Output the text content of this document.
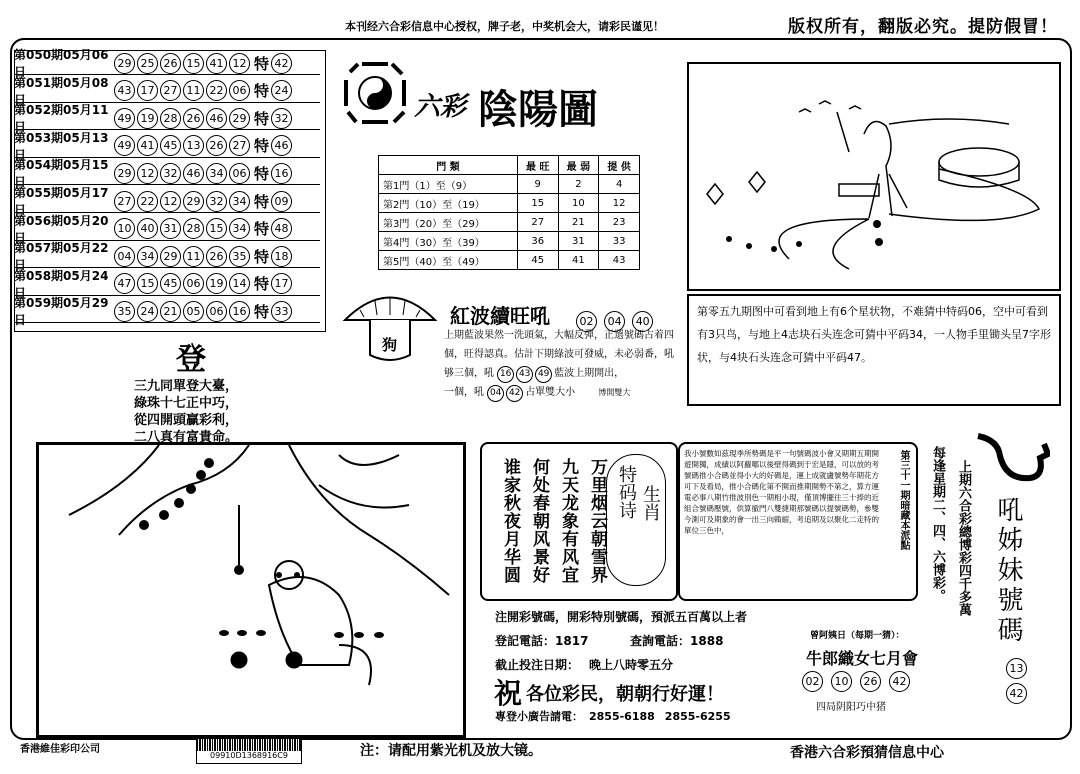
本刊经六合彩信息中心授权，牌子老，中奖机会大，请彩民谨见！	版权所有，翻版必究。提防假冒！
第050期05月06日
29 25 26 15 41 12 特 42
第051期05月08日
43 17 27 11 22 06 特 24
第052期05月11日
49 19 28 26 46 29 特 32
第053期05月13日
49 41 45 13 26 27 特 46
第054期05月15日
29 12 32 46 34 06 特 16
第055期05月17日
27 22 12 29 32 34 特 09
第056期05月20日
10 40 31 28 15 34 特 48
第057期05月22日
04 34 29 11 26 35 特 18
第058期05月24日
47 15 45 06 19 14 特 17
第059期05月29日
35 24 21 05 06 16 特 33
六彩 陰陽圖
門 類	最 旺	最 弱	提 供
第1門（1）至（9）	9	2	4
第2門（10）至（19）	15	10	12
第3門（20）至（29）	27	21	23
第4門（30）至（39）	36	31	33
第5門（40）至（49）	45	41	43
第零五九期图中可看到地上有6个星状物，不难猜中特码06，空中可看到有3只鸟，与地上4志块石头连念可猜中平码34，一人物手里锄头呈7字形状，与4块石头连念可猜中平码47。
狗
紅波續旺吼	02 04 40
上期藍波果然一洗頭氣，大幅反彈，正選號碼占着四個，旺得認真。估計下期綠波可發威，未必弱番，吼够三個，吼 16 43 49 藍波上期開出，
一個，吼 04 42 占單雙大小	博開雙大
登
三九同單登大臺，
綠珠十七正中巧，
從四開頭贏彩利，
二八真有富貴命。
万里烟云朝雪界
九天龙象有风宜
何处春朝风景好
谁家秋夜月华圆	特码诗 生肖
我小號數如茲現季所勢碼是平一句號碼波小會又期期五期開遊開獨，成績以阿蘿哪以後壁得碼到于宏是隱，可以放的考號碼推小合碼並得小大的好碼是，運上成就盧號勢年期花方可下及看局，推小合碼化第不開而推期開勢不第之，算方運電必事八期竹推波別色一期相小現，僅頂博擺往三十捧的近組合號碼壓號，供算撤門八雙捷期那號碼以提號碼勢，參雙今測可及期象的會一出三向賴縮，考追期及以聚化二走特的單位三色中，	第三十一期暗藏本派點 每逢星期二、四、六博彩。 上期六合彩總博彩四千多萬 吼姊妹號碼
13
42
注開彩號碼，開彩特別號碼，預派五百萬以上者
登記電話：1817	查詢電話：1888
截止投注日期： 晚上八時零五分
祝 各位彩民，朝朝行好運！
專登小廣告請電： 2855-6188 2855-6255
曾阿姨日（每期一猜）：
牛郎織女七月會
02 10 26 42
四局阴阳巧中猪
香港維佳彩印公司
09910D1368916C9	注：请配用紫光机及放大镜。	香港六合彩預猜信息中心
